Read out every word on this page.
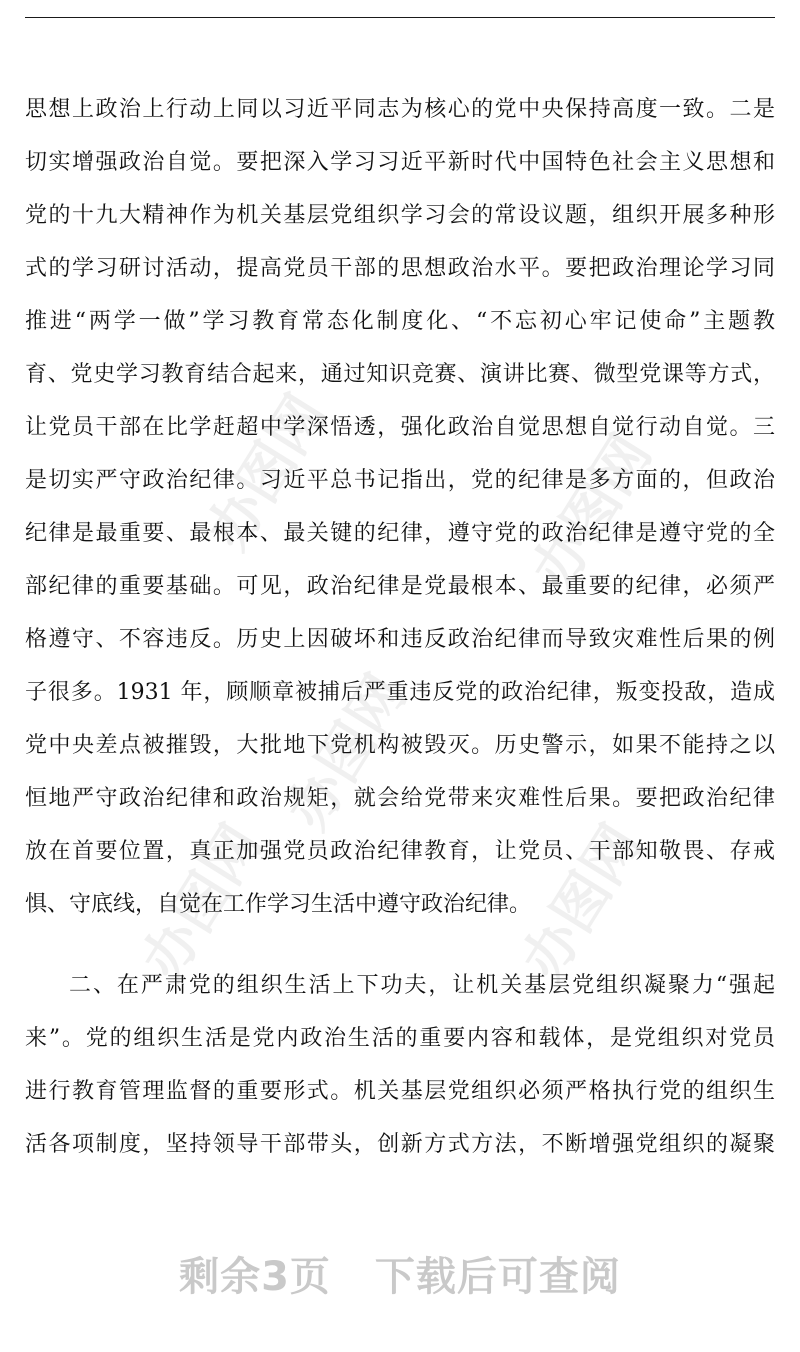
办图网	办图网
办图网
办图网	办图网
思想上政治上行动上同以习近平同志为核心的党中央保持高度一致。二是
切实增强政治自觉。要把深入学习习近平新时代中国特色社会主义思想和
党的十九大精神作为机关基层党组织学习会的常设议题，组织开展多种形
式的学习研讨活动，提高党员干部的思想政治水平。要把政治理论学习同
推进“两学一做”学习教育常态化制度化、“不忘初心牢记使命”主题教
育、党史学习教育结合起来，通过知识竞赛、演讲比赛、微型党课等方式，
让党员干部在比学赶超中学深悟透，强化政治自觉思想自觉行动自觉。三
是切实严守政治纪律。习近平总书记指出，党的纪律是多方面的，但政治
纪律是最重要、最根本、最关键的纪律，遵守党的政治纪律是遵守党的全
部纪律的重要基础。可见，政治纪律是党最根本、最重要的纪律，必须严
格遵守、不容违反。历史上因破坏和违反政治纪律而导致灾难性后果的例
子很多。1931 年，顾顺章被捕后严重违反党的政治纪律，叛变投敌，造成
党中央差点被摧毁，大批地下党机构被毁灭。历史警示，如果不能持之以
恒地严守政治纪律和政治规矩，就会给党带来灾难性后果。要把政治纪律
放在首要位置，真正加强党员政治纪律教育，让党员、干部知敬畏、存戒
惧、守底线，自觉在工作学习生活中遵守政治纪律。
二、在严肃党的组织生活上下功夫，让机关基层党组织凝聚力“强起
来”。党的组织生活是党内政治生活的重要内容和载体，是党组织对党员
进行教育管理监督的重要形式。机关基层党组织必须严格执行党的组织生
活各项制度，坚持领导干部带头，创新方式方法，不断增强党组织的凝聚
剩余3页 下载后可查阅
